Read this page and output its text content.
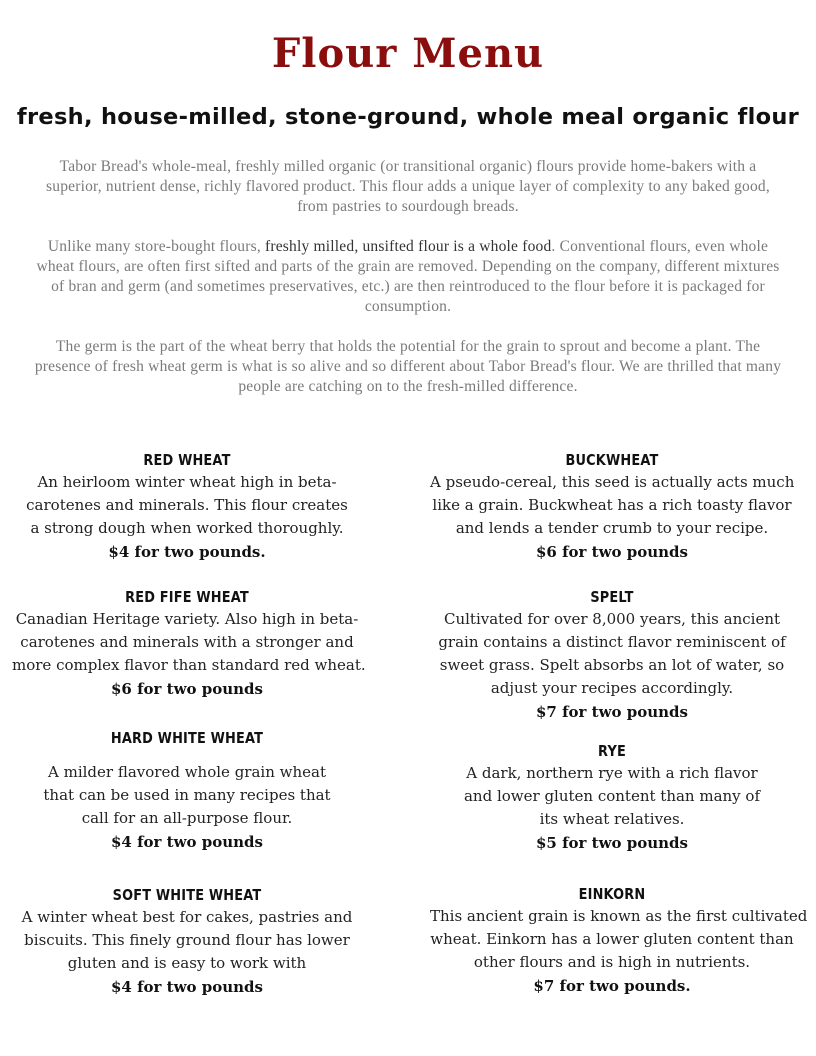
Flour Menu
fresh, house-milled, stone-ground, whole meal organic flour

Tabor Bread's whole-meal, freshly milled organic (or transitional organic) flours provide home-bakers with a superior, nutrient dense, richly flavored product. This flour adds a unique layer of complexity to any baked good, from pastries to sourdough breads.

Unlike many store-bought flours, freshly milled, unsifted flour is a whole food. Conventional flours, even whole wheat flours, are often first sifted and parts of the grain are removed. Depending on the company, different mixtures of bran and germ (and sometimes preservatives, etc.) are then reintroduced to the flour before it is packaged for consumption.

The germ is the part of the wheat berry that holds the potential for the grain to sprout and become a plant. The presence of fresh wheat germ is what is so alive and so different about Tabor Bread's flour. We are thrilled that many people are catching on to the fresh-milled difference.

RED WHEAT
An heirloom winter wheat high in beta-
carotenes and minerals. This flour creates
a strong dough when worked thoroughly.
$4 for two pounds.
RED FIFE WHEAT
Canadian Heritage variety. Also high in beta-
carotenes and minerals with a stronger and
more complex flavor than standard red wheat.
$6 for two pounds
HARD WHITE WHEAT
A milder flavored whole grain wheat
that can be used in many recipes that
call for an all-purpose flour.
$4 for two pounds
SOFT WHITE WHEAT
A winter wheat best for cakes, pastries and
biscuits. This finely ground flour has lower
gluten and is easy to work with
$4 for two pounds
BUCKWHEAT
A pseudo-cereal, this seed is actually acts much
like a grain. Buckwheat has a rich toasty flavor
and lends a tender crumb to your recipe.
$6 for two pounds
SPELT
Cultivated for over 8,000 years, this ancient
grain contains a distinct flavor reminiscent of
sweet grass. Spelt absorbs an lot of water, so
adjust your recipes accordingly.
$7 for two pounds
RYE
A dark, northern rye with a rich flavor
and lower gluten content than many of
its wheat relatives.
$5 for two pounds
EINKORN
This ancient grain is known as the first cultivated
wheat. Einkorn has a lower gluten content than
other flours and is high in nutrients.
$7 for two pounds.
